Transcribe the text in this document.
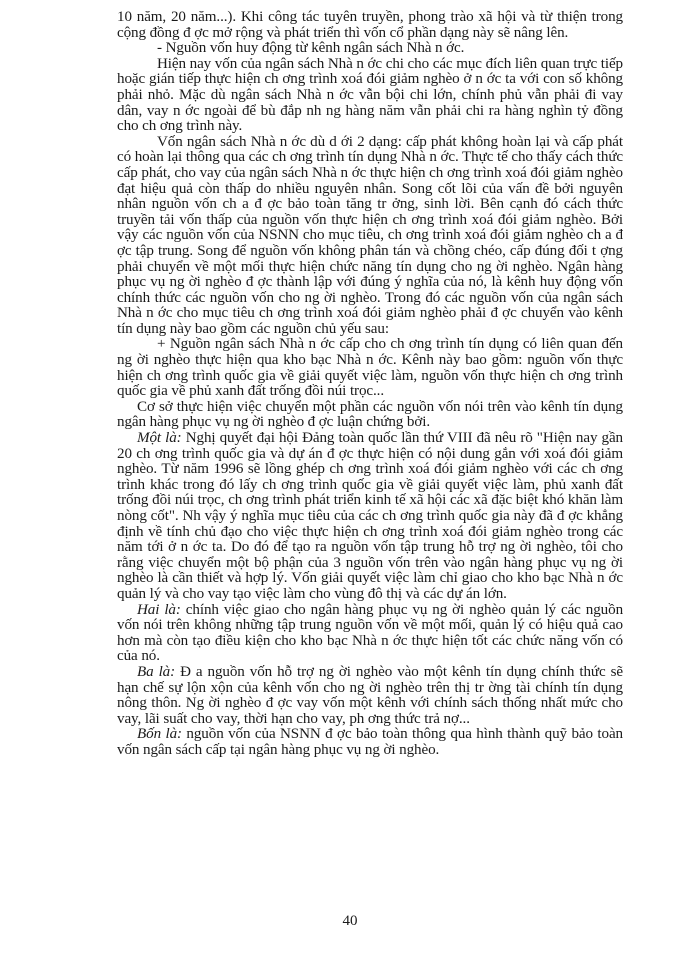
10 năm, 20 năm...). Khi công tác tuyên truyền, phong trào xã hội và từ thiện trong cộng đồng đ ợc mở rộng và phát triển thì vốn cổ phần dạng này sẽ nâng lên.

- Nguồn vốn huy động từ kênh ngân sách Nhà n ớc.

Hiện nay vốn của ngân sách Nhà n ớc chi cho các mục đích liên quan trực tiếp hoặc gián tiếp thực hiện ch ơng trình xoá đói giảm nghèo ở n ớc ta với con số không phải nhỏ. Mặc dù ngân sách Nhà n ớc vẫn bội chi lớn, chính phủ vẫn phải đi vay dân, vay n ớc ngoài để bù đắp nh ng hàng năm vẫn phải chi ra hàng nghìn tỷ đồng cho ch ơng trình này.

Vốn ngân sách Nhà n ớc dù d ới 2 dạng: cấp phát không hoàn lại và cấp phát có hoàn lại thông qua các ch ơng trình tín dụng Nhà n ớc. Thực tế cho thấy cách thức cấp phát, cho vay của ngân sách Nhà n ớc thực hiện ch ơng trình xoá đói giảm nghèo đạt hiệu quả còn thấp do nhiều nguyên nhân. Song cốt lõi của vấn đề bởi nguyên nhân nguồn vốn ch a đ ợc bảo toàn tăng tr ởng, sinh lời. Bên cạnh đó cách thức truyền tải vốn thấp của nguồn vốn thực hiện ch ơng trình xoá đói giảm nghèo. Bởi vậy các nguồn vốn của NSNN cho mục tiêu, ch ơng trình xoá đói giảm nghèo ch a đ ợc tập trung. Song để nguồn vốn không phân tán và chồng chéo, cấp đúng đối t ợng phải chuyển về một mối thực hiện chức năng tín dụng cho ng ời nghèo. Ngân hàng phục vụ ng ời nghèo đ ợc thành lập với đúng ý nghĩa của nó, là kênh huy động vốn chính thức các nguồn vốn cho ng ời nghèo. Trong đó các nguồn vốn của ngân sách Nhà n ớc cho mục tiêu ch ơng trình xoá đói giảm nghèo phải đ ợc chuyển vào kênh tín dụng này bao gồm các nguồn chủ yếu sau:

+ Nguồn ngân sách Nhà n ớc cấp cho ch ơng trình tín dụng có liên quan đến ng ời nghèo thực hiện qua kho bạc Nhà n ớc. Kênh này bao gồm: nguồn vốn thực hiện ch ơng trình quốc gia về giải quyết việc làm, nguồn vốn thực hiện ch ơng trình quốc gia về phủ xanh đất trống đồi núi trọc...

Cơ sở thực hiện việc chuyển một phần các nguồn vốn nói trên vào kênh tín dụng ngân hàng phục vụ ng ời nghèo đ ợc luận chứng bởi.

Một là: Nghị quyết đại hội Đảng toàn quốc lần thứ VIII đã nêu rõ "Hiện nay gần 20 ch ơng trình quốc gia và dự án đ ợc thực hiện có nội dung gắn với xoá đói giảm nghèo. Từ năm 1996 sẽ lồng ghép ch ơng trình xoá đói giảm nghèo với các ch ơng trình khác trong đó lấy ch ơng trình quốc gia về giải quyết việc làm, phủ xanh đất trống đồi núi trọc, ch ơng trình phát triển kinh tế xã hội các xã đặc biệt khó khăn làm nòng cốt". Nh vậy ý nghĩa mục tiêu của các ch ơng trình quốc gia này đã đ ợc khẳng định về tính chủ đạo cho việc thực hiện ch ơng trình xoá đói giảm nghèo trong các năm tới ở n ớc ta. Do đó để tạo ra nguồn vốn tập trung hỗ trợ ng ời nghèo, tôi cho rằng việc chuyển một bộ phận của 3 nguồn vốn trên vào ngân hàng phục vụ ng ời nghèo là cần thiết và hợp lý. Vốn giải quyết việc làm chỉ giao cho kho bạc Nhà n ớc quản lý và cho vay tạo việc làm cho vùng đô thị và các dự án lớn.

Hai là: chính việc giao cho ngân hàng phục vụ ng ời nghèo quản lý các nguồn vốn nói trên không những tập trung nguồn vốn về một mối, quản lý có hiệu quả cao hơn mà còn tạo điều kiện cho kho bạc Nhà n ớc thực hiện tốt các chức năng vốn có của nó.

Ba là: Đ a nguồn vốn hỗ trợ ng ời nghèo vào một kênh tín dụng chính thức sẽ hạn chế sự lộn xộn của kênh vốn cho ng ời nghèo trên thị tr ờng tài chính tín dụng nông thôn. Ng ời nghèo đ ợc vay vốn một kênh với chính sách thống nhất mức cho vay, lãi suất cho vay, thời hạn cho vay, ph ơng thức trả nợ...

Bốn là: nguồn vốn của NSNN đ ợc bảo toàn thông qua hình thành quỹ bảo toàn vốn ngân sách cấp tại ngân hàng phục vụ ng ời nghèo.

40
